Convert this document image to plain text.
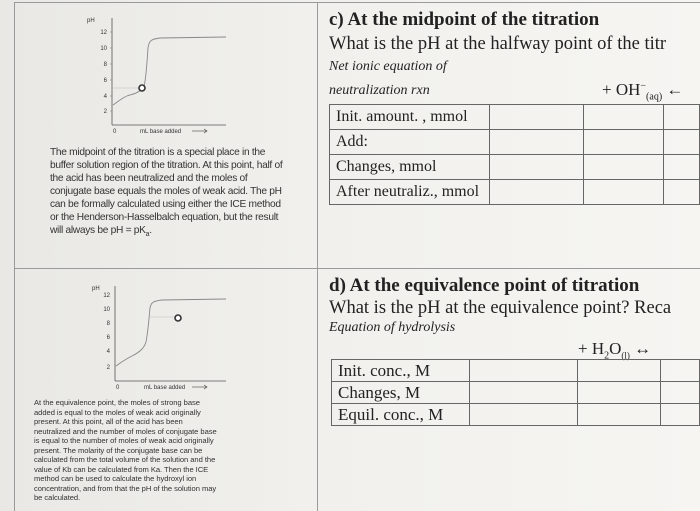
pH
12
10
8
6
4
2
0	mL base added
The midpoint of the titration is a special place in the
buffer solution region of the titration. At this point, half of
the acid has been neutralized and the moles of
conjugate base equals the moles of weak acid. The pH
can be formally calculated using either the ICE method
or the Henderson-Hasselbalch equation, but the result
will always be pH = $pK_a$.
pH
12
10
8
6
4
2
0	mL base added
At the equivalence point, the moles of strong base
added is equal to the moles of weak acid originally
present. At this point, all of the acid has been
neutralized and the number of moles of conjugate base
is equal to the number of moles of weak acid originally
present. The molarity of the conjugate base can be
calculated from the total volume of the solution and the
value of Kb can be calculated from Ka. Then the ICE
method can be used to calculate the hydroxyl ion
concentration, and from that the pH of the solution may
be calculated.
c) At the midpoint of the titration
What is the pH at the halfway point of the titr
Net ionic equation of
neutralization rxn	+ $OH^-_{(aq)}$ ←
Init. amount. , mmol			
Add:			
Changes, mmol			
After neutraliz., mmol			
d) At the equivalence point of titration
What is the pH at the equivalence point? Reca
Equation of hydrolysis
+ $H_2O_{(l)}$ ↔
Init. conc., M			
Changes, M			
Equil. conc., M			
